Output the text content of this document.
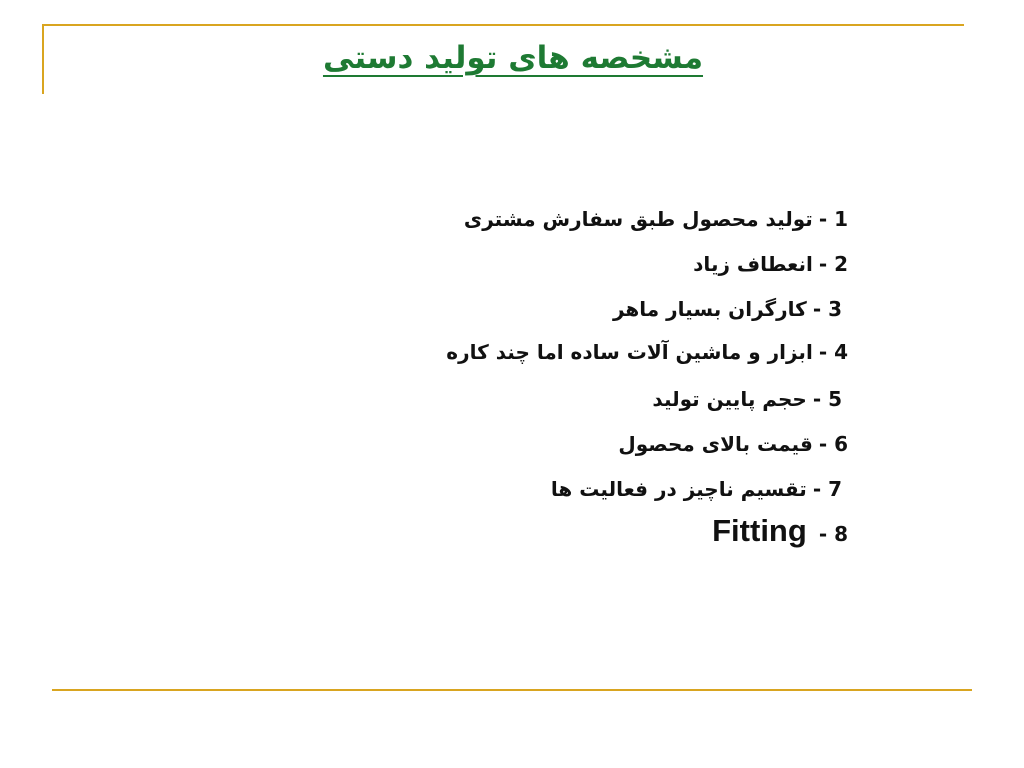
مشخصه های تولید دستی
1 -تولید محصول طبق سفارش مشتری
2 -انعطاف زیاد
3 -کارگران بسیار ماهر
4 -ابزار و ماشین آلات ساده اما چند کاره
5 -حجم پایین تولید
6 -قیمت بالای محصول
7 -تقسیم ناچیز در فعالیت ها
8 -Fitting
